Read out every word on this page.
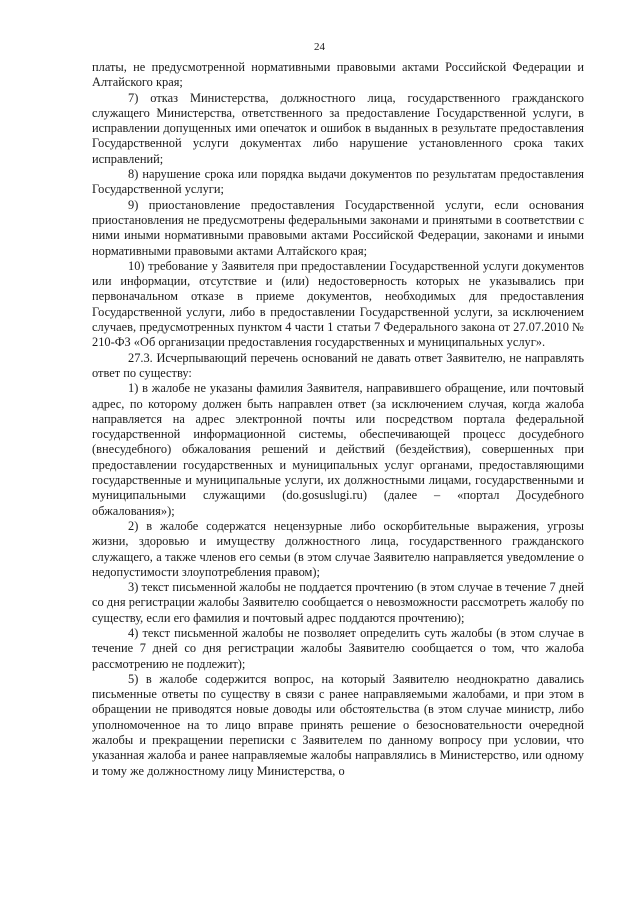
24

платы, не предусмотренной нормативными правовыми актами Российской Федерации и Алтайского края;

7) отказ Министерства, должностного лица, государственного гражданского служащего Министерства, ответственного за предоставление Государственной услуги, в исправлении допущенных ими опечаток и ошибок в выданных в результате предоставления Государственной услуги документах либо нарушение установленного срока таких исправлений;

8) нарушение срока или порядка выдачи документов по результатам предоставления Государственной услуги;

9) приостановление предоставления Государственной услуги, если основания приостановления не предусмотрены федеральными законами и принятыми в соответствии с ними иными нормативными правовыми актами Российской Федерации, законами и иными нормативными правовыми актами Алтайского края;

10) требование у Заявителя при предоставлении Государственной услуги документов или информации, отсутствие и (или) недостоверность которых не указывались при первоначальном отказе в приеме документов, необходимых для предоставления Государственной услуги, либо в предоставлении Государственной услуги, за исключением случаев, предусмотренных пунктом 4 части 1 статьи 7 Федерального закона от 27.07.2010 № 210-ФЗ «Об организации предоставления государственных и муниципальных услуг».

27.3. Исчерпывающий перечень оснований не давать ответ Заявителю, не направлять ответ по существу:

1) в жалобе не указаны фамилия Заявителя, направившего обращение, или почтовый адрес, по которому должен быть направлен ответ (за исключением случая, когда жалоба направляется на адрес электронной почты или посредством портала федеральной государственной информационной системы, обеспечивающей процесс досудебного (внесудебного) обжалования решений и действий (бездействия), совершенных при предоставлении государственных и муниципальных услуг органами, предоставляющими государственные и муниципальные услуги, их должностными лицами, государственными и муниципальными служащими (do.gosuslugi.ru) (далее – «портал Досудебного обжалования»);

2) в жалобе содержатся нецензурные либо оскорбительные выражения, угрозы жизни, здоровью и имуществу должностного лица, государственного гражданского служащего, а также членов его семьи (в этом случае Заявителю направляется уведомление о недопустимости злоупотребления правом);

3) текст письменной жалобы не поддается прочтению (в этом случае в течение 7 дней со дня регистрации жалобы Заявителю сообщается о невозможности рассмотреть жалобу по существу, если его фамилия и почтовый адрес поддаются прочтению);

4) текст письменной жалобы не позволяет определить суть жалобы (в этом случае в течение 7 дней со дня регистрации жалобы Заявителю сообщается о том, что жалоба рассмотрению не подлежит);

5) в жалобе содержится вопрос, на который Заявителю неоднократно давались письменные ответы по существу в связи с ранее направляемыми жалобами, и при этом в обращении не приводятся новые доводы или обстоятельства (в этом случае министр, либо уполномоченное на то лицо вправе принять решение о безосновательности очередной жалобы и прекращении переписки с Заявителем по данному вопросу при условии, что указанная жалоба и ранее направляемые жалобы направлялись в Министерство, или одному и тому же должностному лицу Министерства, о
